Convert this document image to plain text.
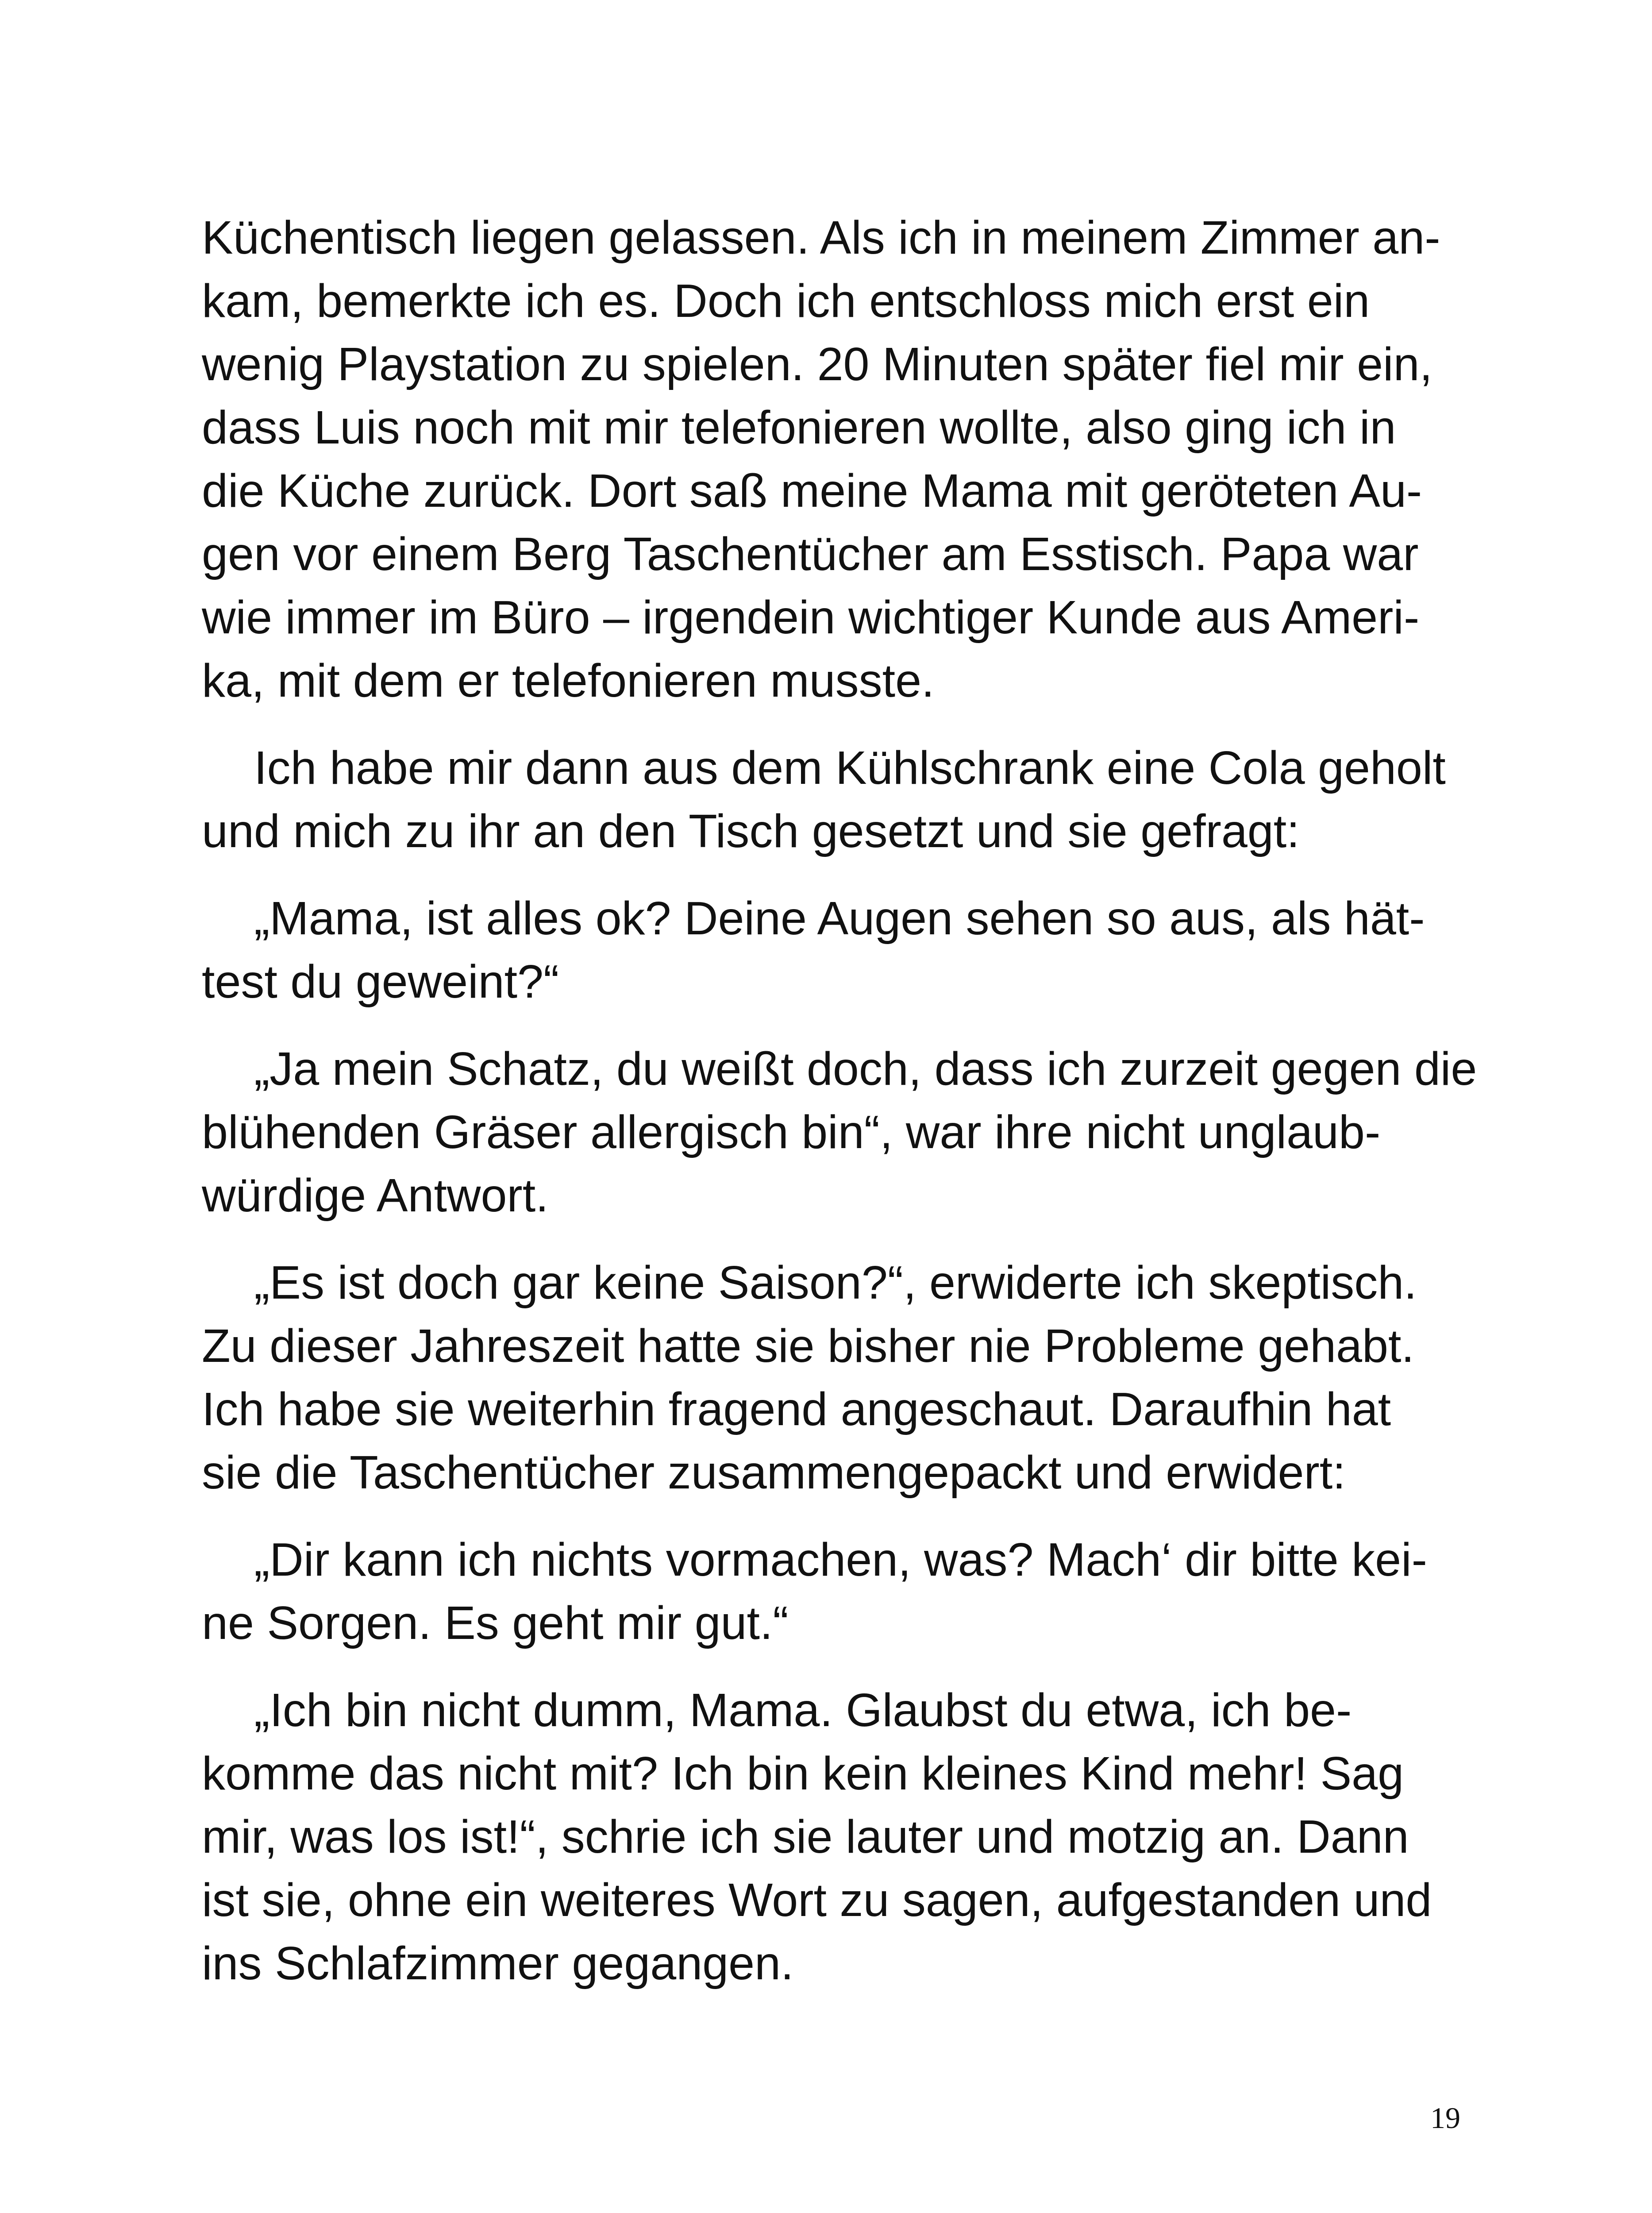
Küchentisch liegen gelassen. Als ich in meinem Zimmer an-
kam, bemerkte ich es. Doch ich entschloss mich erst ein
wenig Playstation zu spielen. 20 Minuten später fiel mir ein,
dass Luis noch mit mir telefonieren wollte, also ging ich in
die Küche zurück. Dort saß meine Mama mit geröteten Au-
gen vor einem Berg Taschentücher am Esstisch. Papa war
wie immer im Büro – irgendein wichtiger Kunde aus Ameri-
ka, mit dem er telefonieren musste.

Ich habe mir dann aus dem Kühlschrank eine Cola geholt
und mich zu ihr an den Tisch gesetzt und sie gefragt:

„Mama, ist alles ok? Deine Augen sehen so aus, als hät-
test du geweint?“

„Ja mein Schatz, du weißt doch, dass ich zurzeit gegen die
blühenden Gräser allergisch bin“, war ihre nicht unglaub-
würdige Antwort.

„Es ist doch gar keine Saison?“, erwiderte ich skeptisch.
Zu dieser Jahreszeit hatte sie bisher nie Probleme gehabt.
Ich habe sie weiterhin fragend angeschaut. Daraufhin hat
sie die Taschentücher zusammengepackt und erwidert:

„Dir kann ich nichts vormachen, was? Mach‘ dir bitte kei-
ne Sorgen. Es geht mir gut.“

„Ich bin nicht dumm, Mama. Glaubst du etwa, ich be-
komme das nicht mit? Ich bin kein kleines Kind mehr! Sag
mir, was los ist!“, schrie ich sie lauter und motzig an. Dann
ist sie, ohne ein weiteres Wort zu sagen, aufgestanden und
ins Schlafzimmer gegangen.

19
